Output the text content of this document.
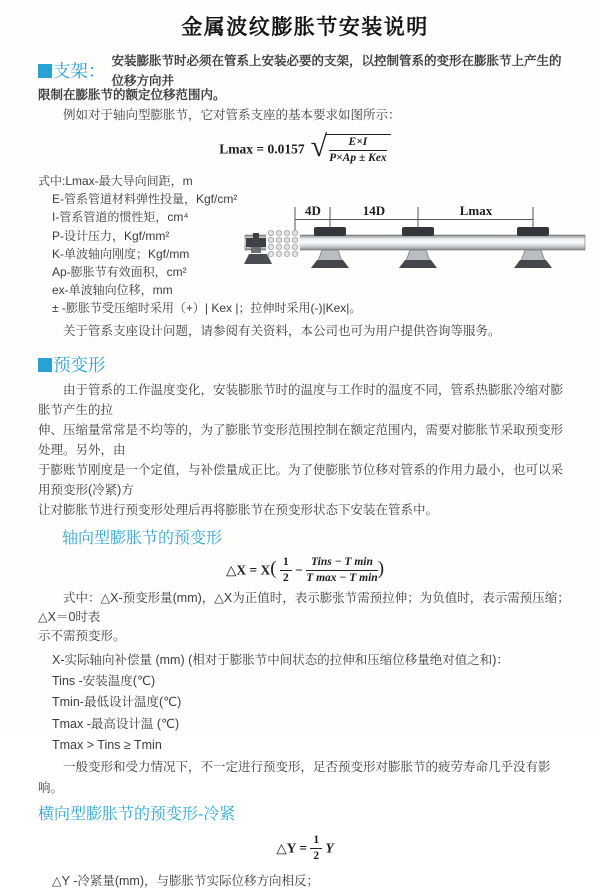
金属波纹膨胀节安装说明
支架： 安装膨胀节时必须在管系上安装必要的支架，以控制管系的变形在膨胀节上产生的位移方向并
限制在膨胀节的额定位移范围内。
例如对于轴向型膨胀节，它对管系支座的基本要求如图所示：
Lmax = 0.0157 √ $\frac{E\times I}{\text{P×Ap ± Kex}}$
式中:Lmax-最大导向间距，m
E-管系管道材料弹性投量，Kgf/cm²
I-管系管道的惯性矩，cm⁴
P-设计压力，Kgf/mm²
K-单波轴向刚度；Kgf/mm
Ap-膨胀节有效面积，cm²
ex-单波轴向位移，mm
± -膨胀节受压缩时采用（+）| Kex |；拉伸时采用(-)|Kex|。
4D	14D	Lmax
关于管系支座设计问题，请参阅有关资料，本公司也可为用户提供咨询等服务。
预变形
由于管系的工作温度变化，安装膨胀节时的温度与工作时的温度不同，管系热膨胀冷缩对膨胀节产生的拉
伸、压缩量常常是不均等的，为了膨胀节变形范围控制在额定范围内，需要对膨胀节采取预变形处理。另外，由
于膨账节刚度是一个定值，与补偿量成正比。为了使膨胀节位移对管系的作用力最小，也可以采用预变形(冷紧)方
让对膨胀节进行预变形处理后再将膨胀节在预变形状态下安装在管系中。
轴向型膨胀节的预变形
△X = $X( \frac{1}{2} - \frac{\text{Tins − T min}}{\text{T max − T min}}$ )
式中：△X-预变形量(mm)，△X为正值时，表示膨张节需预拉伸；为负值时，表示需预压缩；△X＝0时表
示不需预变形。
X-实际轴向补偿量 (mm) (相对于膨胀节中间状态的拉伸和压缩位移量绝对值之和)：
Tins -安装温度(℃)
Tmin-最低设计温度(℃)
Tmax -最高设计温 (℃)
Tmax > Tins ≥ Tmin
一般变形和受力情况下，不一定进行预变形，足否预变形对膨胀节的疲劳寿命几乎没有影响。
横向型膨胀节的预变形-冷紧
△Y = $\frac{1}{2}$ Y
△Y -冷紧量(mm)，与膨胀节实际位移方向相反；
